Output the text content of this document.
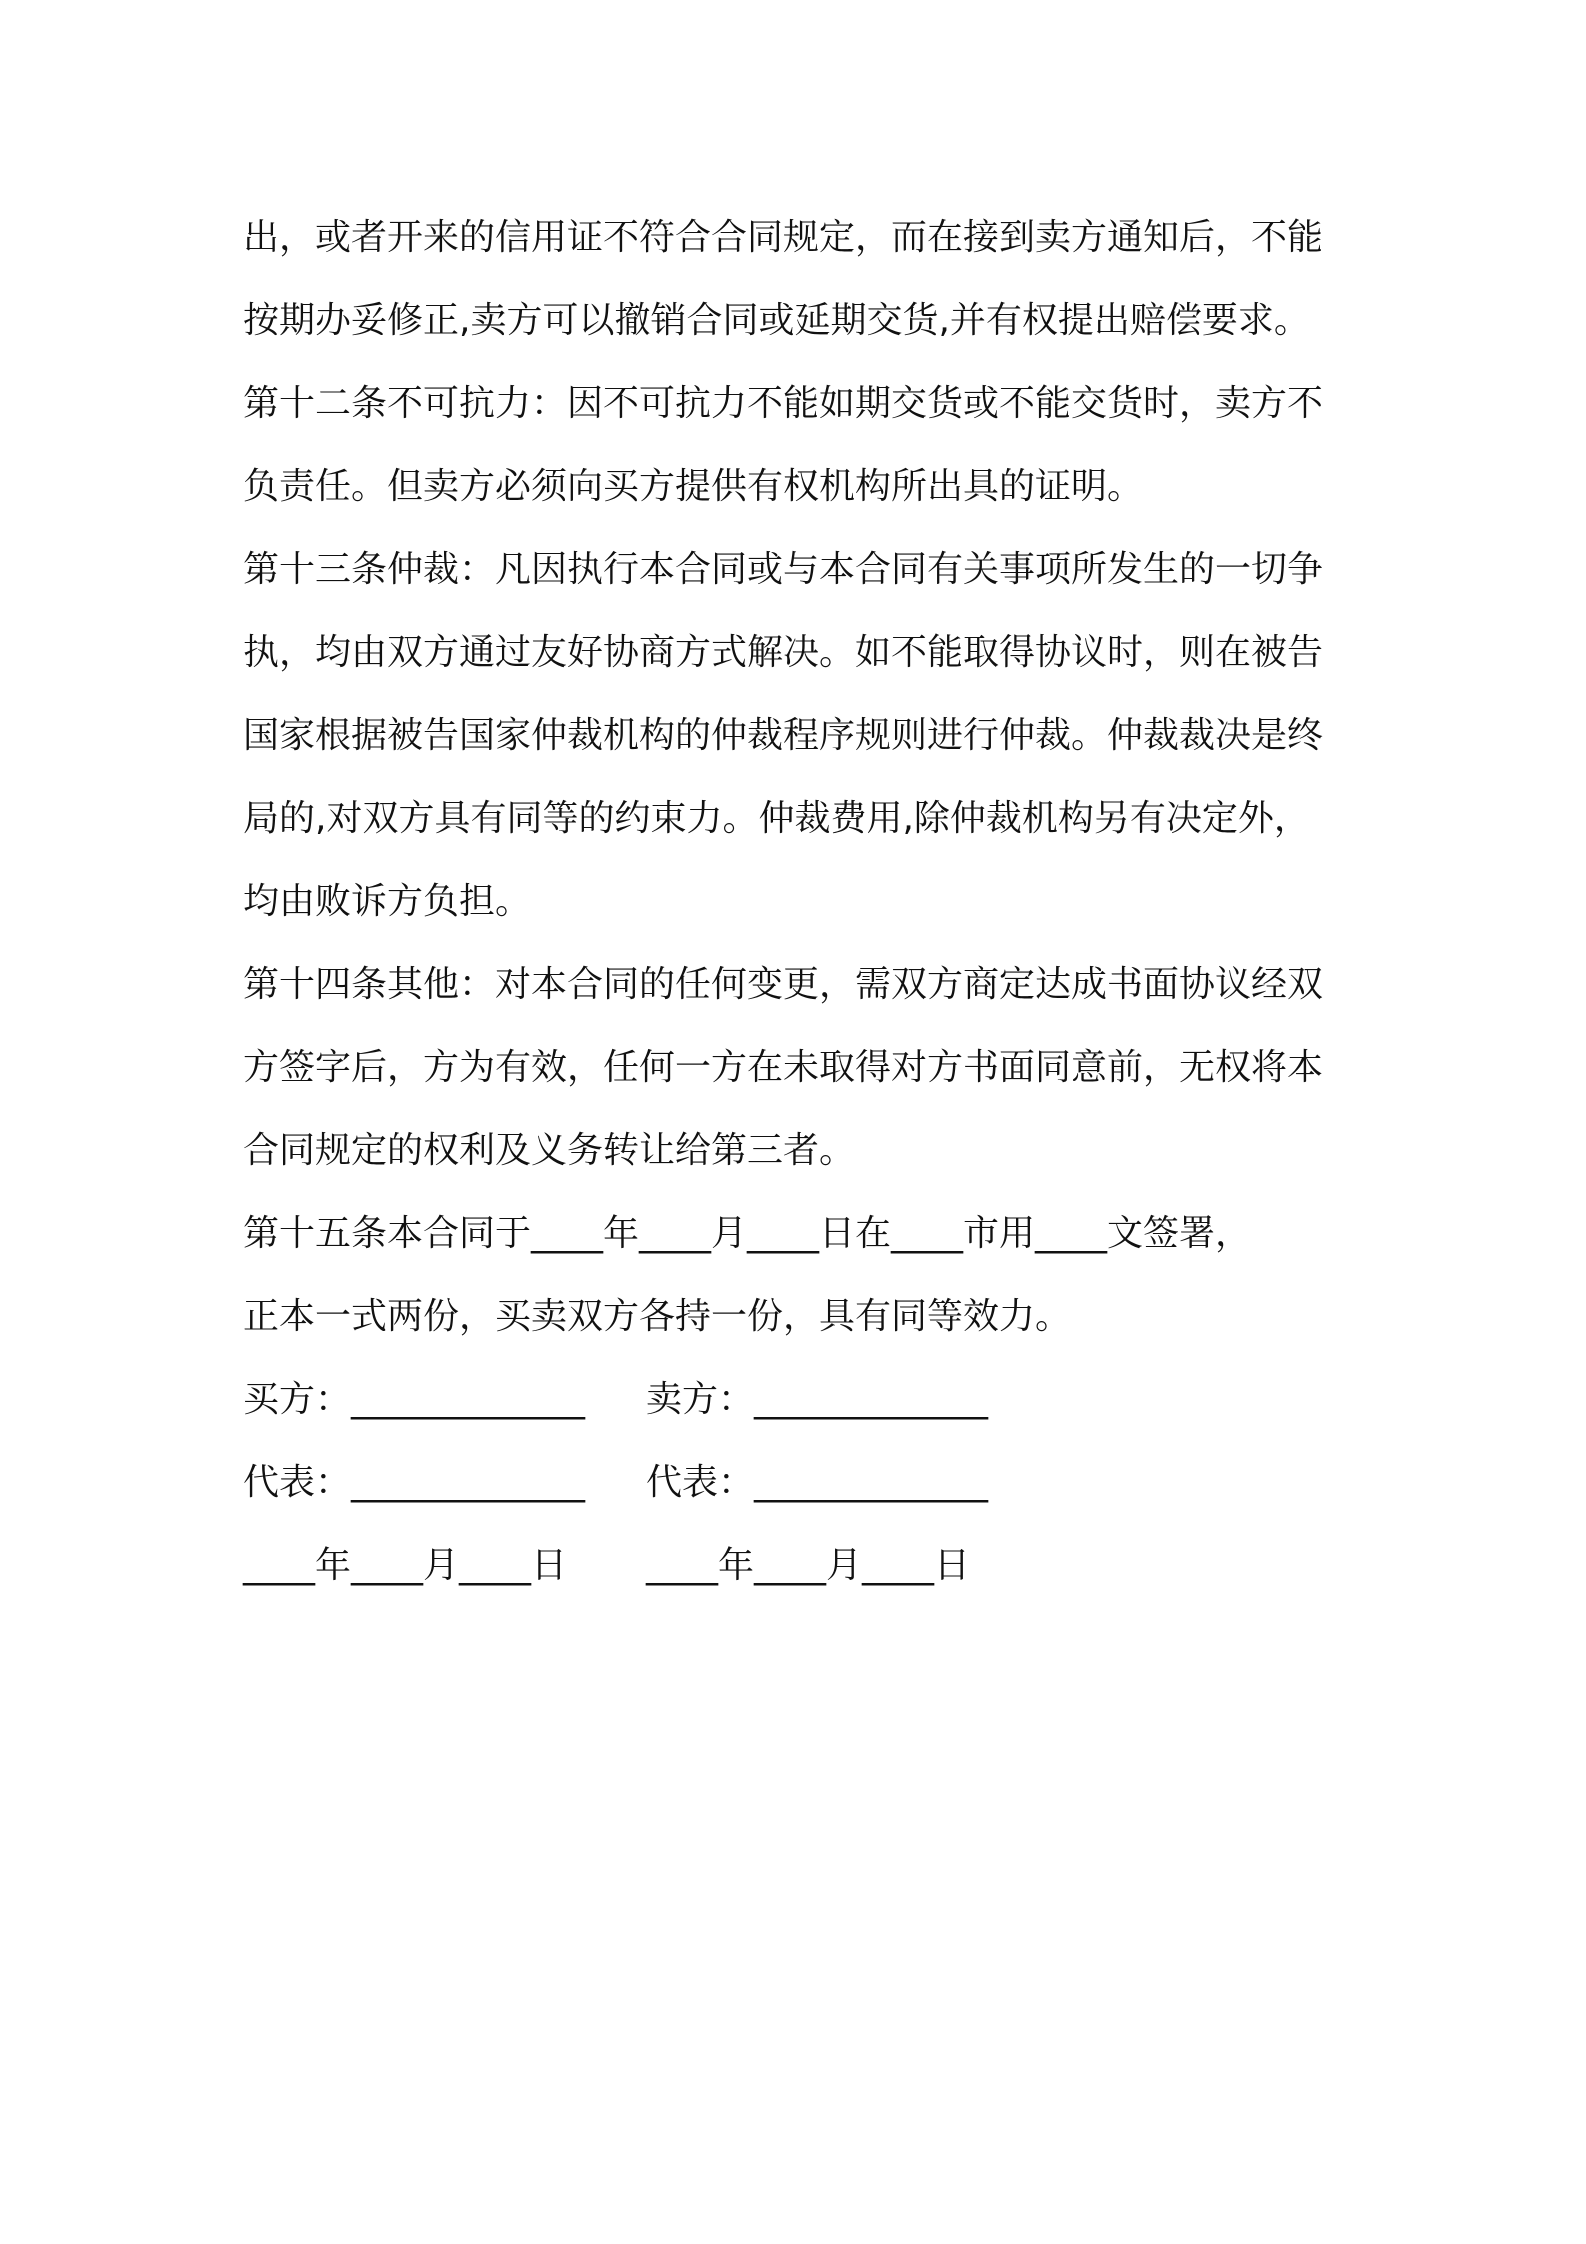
出，或者开来的信用证不符合合同规定，而在接到卖方通知后，不能
按期办妥修正,卖方可以撤销合同或延期交货,并有权提出赔偿要求。
第十二条不可抗力：因不可抗力不能如期交货或不能交货时，卖方不
负责任。但卖方必须向买方提供有权机构所出具的证明。
第十三条仲裁：凡因执行本合同或与本合同有关事项所发生的一切争
执，均由双方通过友好协商方式解决。如不能取得协议时，则在被告
国家根据被告国家仲裁机构的仲裁程序规则进行仲裁。仲裁裁决是终
局的,对双方具有同等的约束力。仲裁费用,除仲裁机构另有决定外，
均由败诉方负担。
第十四条其他：对本合同的任何变更，需双方商定达成书面协议经双
方签字后，方为有效，任何一方在未取得对方书面同意前，无权将本
合同规定的权利及义务转让给第三者。
第十五条本合同于____年____月____日在____市用____文签署，
正本一式两份，买卖双方各持一份，具有同等效力。
买方：_____________	卖方：_____________
代表：_____________	代表：_____________
____年____月____日	____年____月____日
